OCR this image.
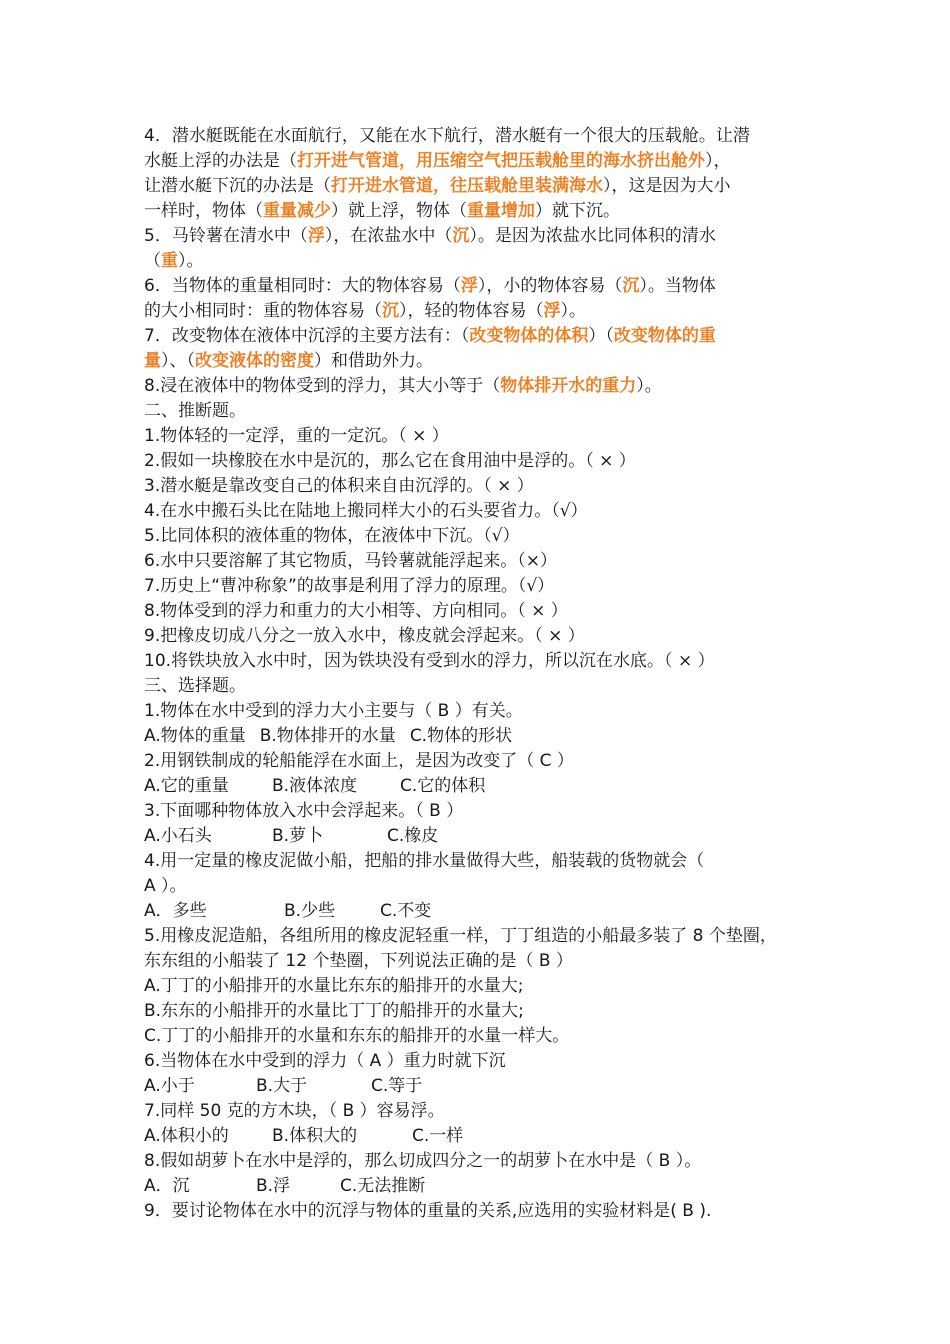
4．潜水艇既能在水面航行，又能在水下航行，潜水艇有一个很大的压载舱。让潜
水艇上浮的办法是（打开进气管道，用压缩空气把压载舱里的海水挤出舱外），
让潜水艇下沉的办法是（打开进水管道，往压载舱里装满海水），这是因为大小
一样时，物体（重量减少）就上浮，物体（重量增加）就下沉。
5．马铃薯在清水中（浮），在浓盐水中（沉）。是因为浓盐水比同体积的清水
（重）。
6．当物体的重量相同时：大的物体容易（浮），小的物体容易（沉）。当物体
的大小相同时：重的物体容易（沉），轻的物体容易（浮）。
7．改变物体在液体中沉浮的主要方法有：（改变物体的体积）（改变物体的重
量）、（改变液体的密度）和借助外力。
8.浸在液体中的物体受到的浮力，其大小等于（物体排开水的重力）。
二、推断题。
1.物体轻的一定浮，重的一定沉。（ × ）
2.假如一块橡胶在水中是沉的，那么它在食用油中是浮的。（ × ）
3.潜水艇是靠改变自己的体积来自由沉浮的。（ × ）
4.在水中搬石头比在陆地上搬同样大小的石头要省力。（√）
5.比同体积的液体重的物体，在液体中下沉。（√）
6.水中只要溶解了其它物质，马铃薯就能浮起来。（×）
7.历史上“曹冲称象”的故事是利用了浮力的原理。（√）
8.物体受到的浮力和重力的大小相等、方向相同。（ × ）
9.把橡皮切成八分之一放入水中，橡皮就会浮起来。（ × ）
10.将铁块放入水中时，因为铁块没有受到水的浮力，所以沉在水底。（ × ）
三、选择题。
1.物体在水中受到的浮力大小主要与（ B ）有关。
A.物体的重量 B.物体排开的水量 C.物体的形状
2.用钢铁制成的轮船能浮在水面上，是因为改变了（ C ）
A.它的重量	B.液体浓度	C.它的体积
3.下面哪种物体放入水中会浮起来。（ B ）
A.小石头	B.萝卜	C.橡皮
4.用一定量的橡皮泥做小船，把船的排水量做得大些，船装载的货物就会（
A ）。
A．多些	B.少些	C.不变
5.用橡皮泥造船，各组所用的橡皮泥轻重一样，丁丁组造的小船最多装了 8 个垫圈，
东东组的小船装了 12 个垫圈，下列说法正确的是（ B ）
A.丁丁的小船排开的水量比东东的船排开的水量大;
B.东东的小船排开的水量比丁丁的船排开的水量大;
C.丁丁的小船排开的水量和东东的船排开的水量一样大。
6.当物体在水中受到的浮力（ A ）重力时就下沉
A.小于	B.大于	C.等于
7.同样 50 克的方木块，（ B ）容易浮。
A.体积小的	B.体积大的	C.一样
8.假如胡萝卜在水中是浮的，那么切成四分之一的胡萝卜在水中是（ B ）。
A．沉	B.浮	C.无法推断
9．要讨论物体在水中的沉浮与物体的重量的关系,应选用的实验材料是( B ).
